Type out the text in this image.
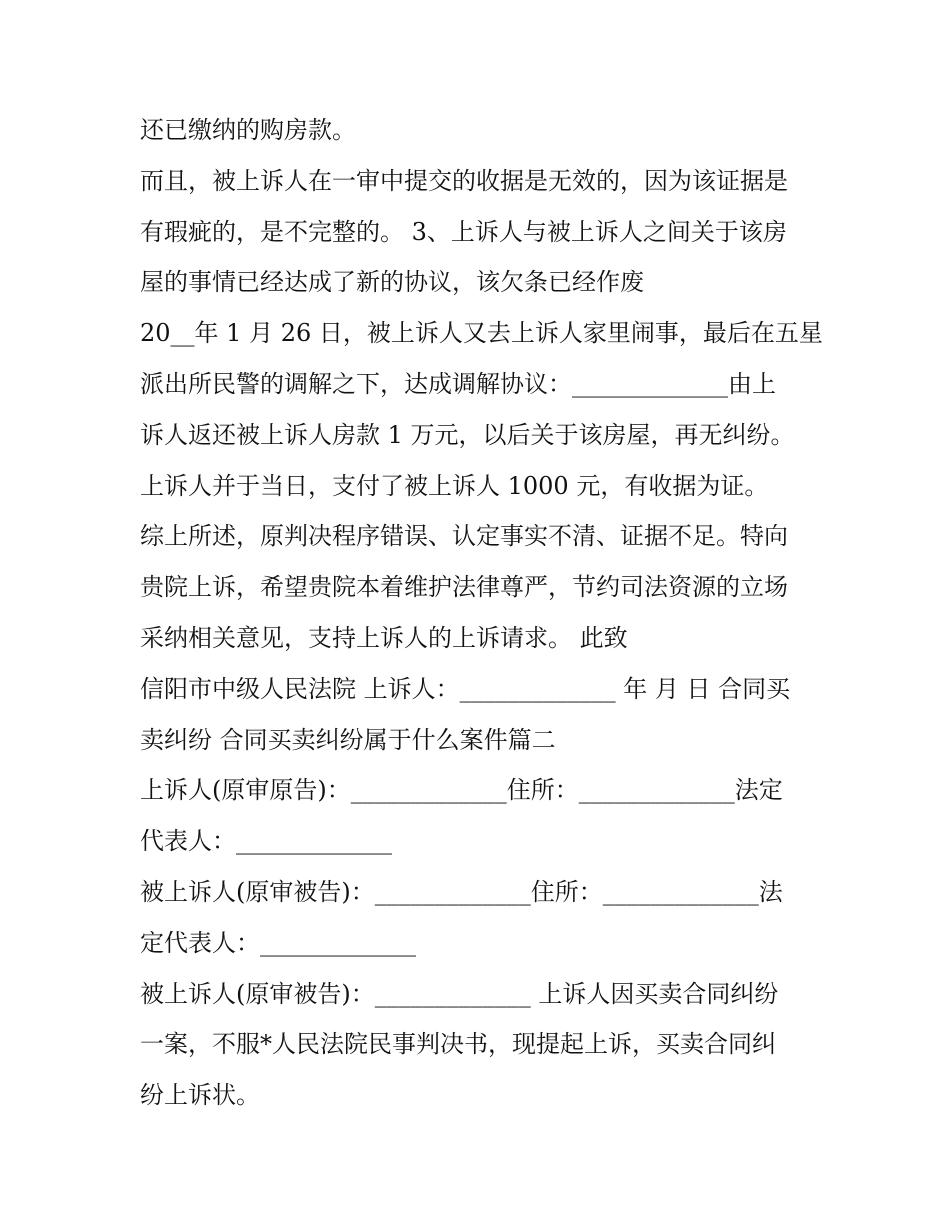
还已缴纳的购房款。
而且，被上诉人在一审中提交的收据是无效的，因为该证据是
有瑕疵的，是不完整的。 3、上诉人与被上诉人之间关于该房
屋的事情已经达成了新的协议，该欠条已经作废
20__年 1 月 26 日，被上诉人又去上诉人家里闹事，最后在五星
派出所民警的调解之下，达成调解协议：_____________由上
诉人返还被上诉人房款 1 万元，以后关于该房屋，再无纠纷。
上诉人并于当日，支付了被上诉人 1000 元，有收据为证。
综上所述，原判决程序错误、认定事实不清、证据不足。特向
贵院上诉，希望贵院本着维护法律尊严，节约司法资源的立场
采纳相关意见，支持上诉人的上诉请求。 此致
信阳市中级人民法院 上诉人：_____________ 年 月 日 合同买
卖纠纷 合同买卖纠纷属于什么案件篇二
上诉人(原审原告)：_____________住所：_____________法定
代表人：_____________
被上诉人(原审被告)：_____________住所：_____________法
定代表人：_____________
被上诉人(原审被告)：_____________ 上诉人因买卖合同纠纷
一案，不服*人民法院民事判决书，现提起上诉，买卖合同纠
纷上诉状。
